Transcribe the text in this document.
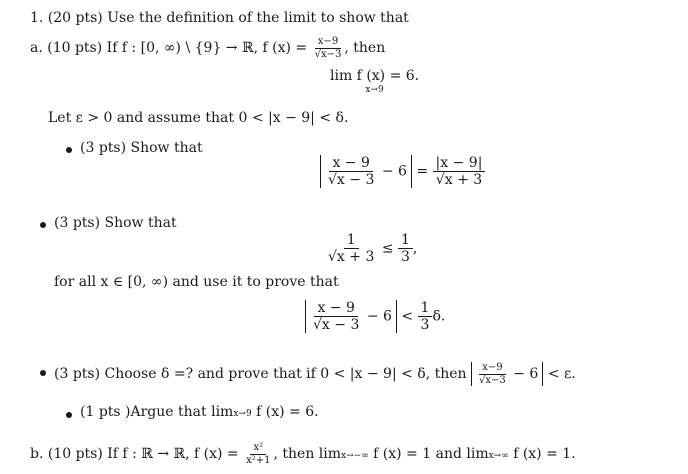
1. (20 pts) Use the definition of the limit to show that
a. (10 pts) If f : [0, ∞) \ {9} → ℝ, f $(x) = \frac{x-9}{√x-3}$ , then
lim f (x) = 6.
$^{x\to 9}$
Let ε > 0 and assume that 0 < |x − 9| < δ.
(3 pts) Show that
$\frac{x - 9}{√x - 3} - 6 = \frac{|x - 9|}{√x + 3}$
(3 pts) Show that
$\frac{1}{√x + 3} \le \frac{1}{3}$ ,
for all x ∈ [0, ∞) and use it to prove that
$\frac{x - 9}{√x - 3} - 6 < \frac{1}{3} \delta$.
(3 pts) Choose δ =? and prove that if 0 < |x − 9| < δ, then $\frac{x-9}{√x-3} - 6 < \varepsilon$.
(1 pts )Argue that limx→9 f (x) = 6.
b. (10 pts) If f : ℝ → ℝ, f $(x) = \frac{\text{x²}}{\text{x²+1}}$ , then limx→−∞ f (x) = 1 and limx→∞ f (x) = 1.
